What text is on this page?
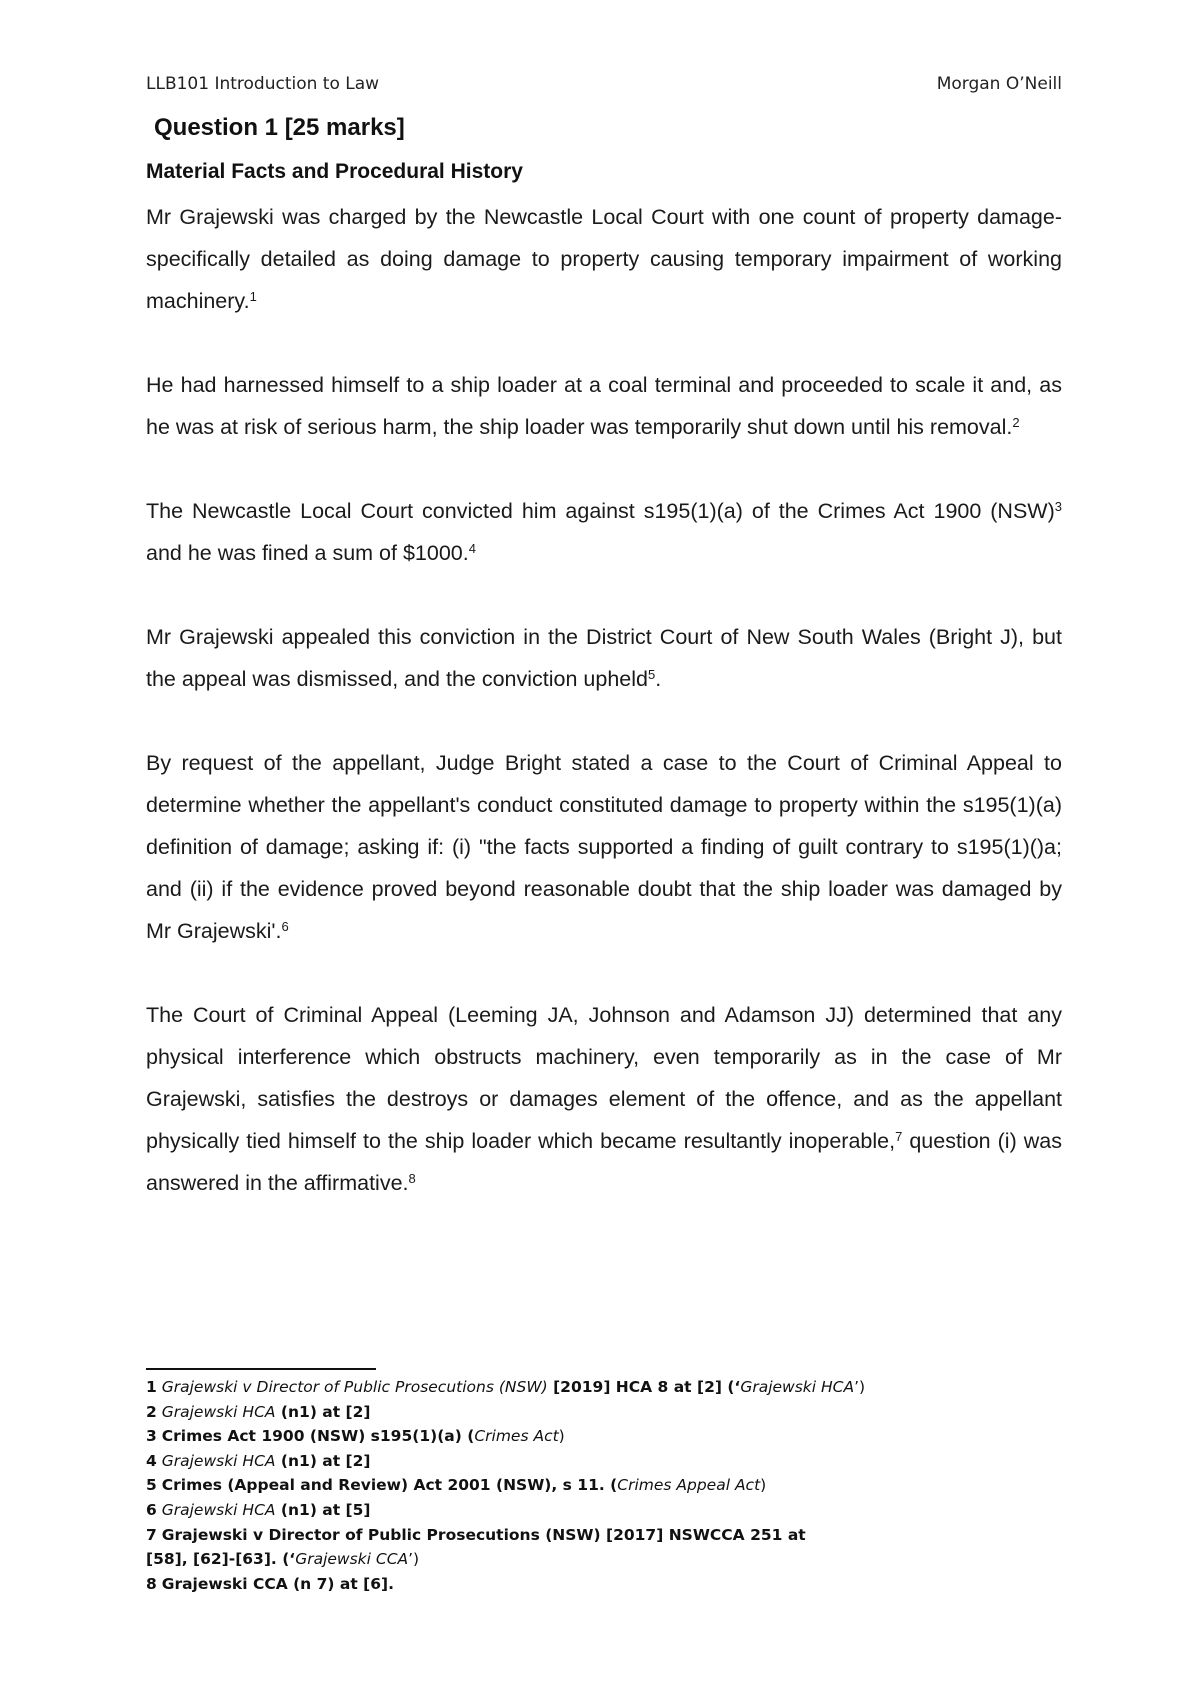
LLB101 Introduction to Law	Morgan O’Neill
Question 1 [25 marks]
Material Facts and Procedural History

Mr Grajewski was charged by the Newcastle Local Court with one count of property damage- specifically detailed as doing damage to property causing temporary impairment of working machinery.$^1$

He had harnessed himself to a ship loader at a coal terminal and proceeded to scale it and, as he was at risk of serious harm, the ship loader was temporarily shut down until his removal.$^2$

The Newcastle Local Court convicted him against s195(1)(a) of the Crimes Act 1900 (NSW)$^3$ and he was fined a sum of $1000.$^4$

Mr Grajewski appealed this conviction in the District Court of New South Wales (Bright J), but the appeal was dismissed, and the conviction upheld$^5$.

By request of the appellant, Judge Bright stated a case to the Court of Criminal Appeal to determine whether the appellant's conduct constituted damage to property within the s195(1)(a) definition of damage; asking if: (i) "the facts supported a finding of guilt contrary to s195(1)()a; and (ii) if the evidence proved beyond reasonable doubt that the ship loader was damaged by Mr Grajewski'.$^6$

The Court of Criminal Appeal (Leeming JA, Johnson and Adamson JJ) determined that any physical interference which obstructs machinery, even temporarily as in the case of Mr Grajewski, satisfies the destroys or damages element of the offence, and as the appellant physically tied himself to the ship loader which became resultantly inoperable,$^7$ question (i) was answered in the affirmative.$^8$

1 Grajewski v Director of Public Prosecutions (NSW) [2019] HCA 8 at [2] (‘Grajewski HCA’)
2 Grajewski HCA (n1) at [2]
3 Crimes Act 1900 (NSW) s195(1)(a) (Crimes Act)
4 Grajewski HCA (n1) at [2]
5 Crimes (Appeal and Review) Act 2001 (NSW), s 11. (Crimes Appeal Act)
6 Grajewski HCA (n1) at [5]
7 Grajewski v Director of Public Prosecutions (NSW) [2017] NSWCCA 251 at
[58], [62]-[63]. (‘Grajewski CCA’)
8 Grajewski CCA (n 7) at [6].
